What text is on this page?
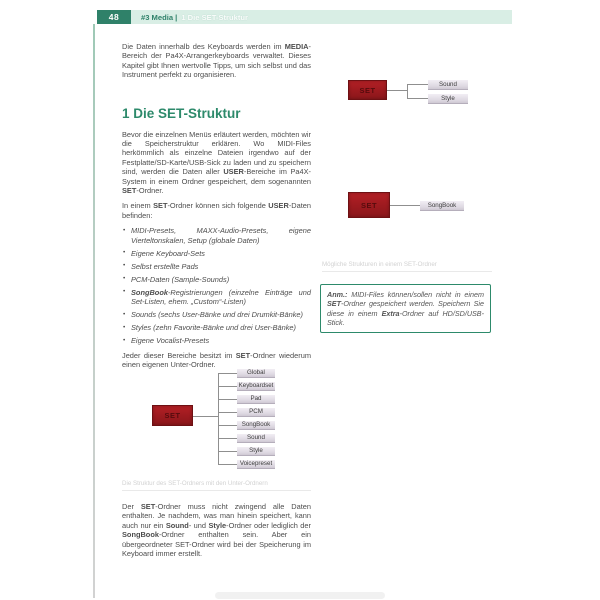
48	#3 Media | 1 Die SET-Struktur

Die Daten innerhalb des Keyboards werden im MEDIA-Bereich der Pa4X-Arrangerkeyboards verwaltet. Dieses Kapitel gibt Ihnen wertvolle Tipps, um sich selbst und das Instrument perfekt zu organisieren.

1 Die SET-Struktur

Bevor die einzelnen Menüs erläutert werden, möchten wir die Speicherstruktur erklären. Wo MIDI-Files herkömmlich als einzelne Dateien irgendwo auf der Festplatte/SD-Karte/USB-Sick zu laden und zu speichern sind, werden die Daten aller USER-Bereiche im Pa4X-System in einem Ordner gespeichert, dem sogenannten SET-Ordner.

In einem SET-Ordner können sich folgende USER-Daten befinden:

• MIDI-Presets, MAXX-Audio-Presets, eigene Vierteltonskalen, Setup (globale Daten)
• Eigene Keyboard-Sets
• Selbst erstellte Pads
• PCM-Daten (Sample-Sounds)
• SongBook-Registrierungen (einzelne Einträge und Set-Listen, ehem. „Custom“-Listen)
• Sounds (sechs User-Bänke und drei Drumkit-Bänke)
• Styles (zehn Favorite-Bänke und drei User-Bänke)
• Eigene Vocalist-Presets

Jeder dieser Bereiche besitzt im SET-Ordner wiederum einen eigenen Unter-Ordner.

SET
Sound
Style
SET	SongBook
Mögliche Strukturen in einem SET-Ordner
Anm.: MIDI-Files können/sollen nicht in einem SET-Ordner gespeichert werden. Speichern Sie diese in einem Extra-Ordner auf HD/SD/USB-Stick.
SET
Global
Keyboardset
Pad
PCM
SongBook
Sound
Style
Voicepreset
Die Struktur des SET-Ordners mit den Unter-Ordnern
Der SET-Ordner muss nicht zwingend alle Daten enthalten. Je nachdem, was man hinein speichert, kann auch nur ein Sound- und Style-Ordner oder lediglich der SongBook-Ordner enthalten sein. Aber ein übergeordneter SET-Ordner wird bei der Speicherung im Keyboard immer erstellt.
